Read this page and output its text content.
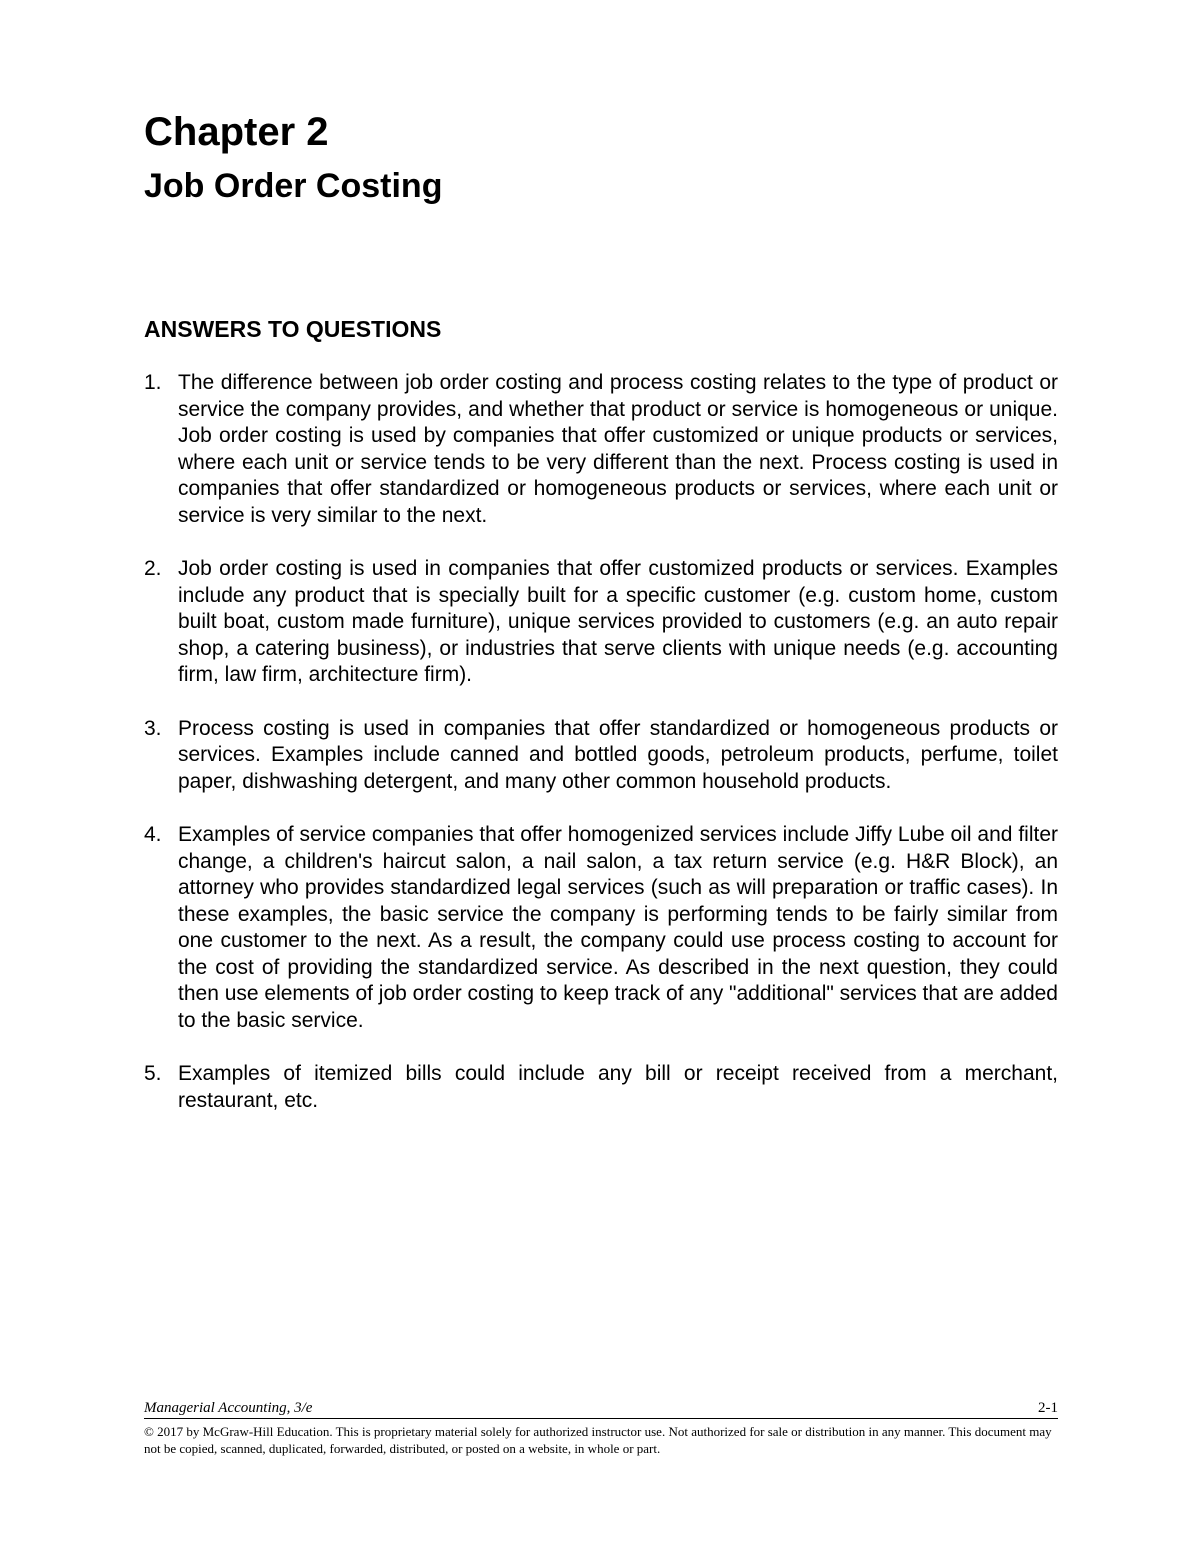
Chapter 2
Job Order Costing
ANSWERS TO QUESTIONS
1. The difference between job order costing and process costing relates to the type of product or service the company provides, and whether that product or service is homogeneous or unique. Job order costing is used by companies that offer customized or unique products or services, where each unit or service tends to be very different than the next. Process costing is used in companies that offer standardized or homogeneous products or services, where each unit or service is very similar to the next.
2. Job order costing is used in companies that offer customized products or services. Examples include any product that is specially built for a specific customer (e.g. custom home, custom built boat, custom made furniture), unique services provided to customers (e.g. an auto repair shop, a catering business), or industries that serve clients with unique needs (e.g. accounting firm, law firm, architecture firm).
3. Process costing is used in companies that offer standardized or homogeneous products or services. Examples include canned and bottled goods, petroleum products, perfume, toilet paper, dishwashing detergent, and many other common household products.
4. Examples of service companies that offer homogenized services include Jiffy Lube oil and filter change, a children's haircut salon, a nail salon, a tax return service (e.g. H&R Block), an attorney who provides standardized legal services (such as will preparation or traffic cases). In these examples, the basic service the company is performing tends to be fairly similar from one customer to the next. As a result, the company could use process costing to account for the cost of providing the standardized service. As described in the next question, they could then use elements of job order costing to keep track of any "additional" services that are added to the basic service.
5. Examples of itemized bills could include any bill or receipt received from a merchant, restaurant, etc.
Managerial Accounting, 3/e	2-1

© 2017 by McGraw-Hill Education. This is proprietary material solely for authorized instructor use. Not authorized for sale or distribution in any manner. This document may not be copied, scanned, duplicated, forwarded, distributed, or posted on a website, in whole or part.
